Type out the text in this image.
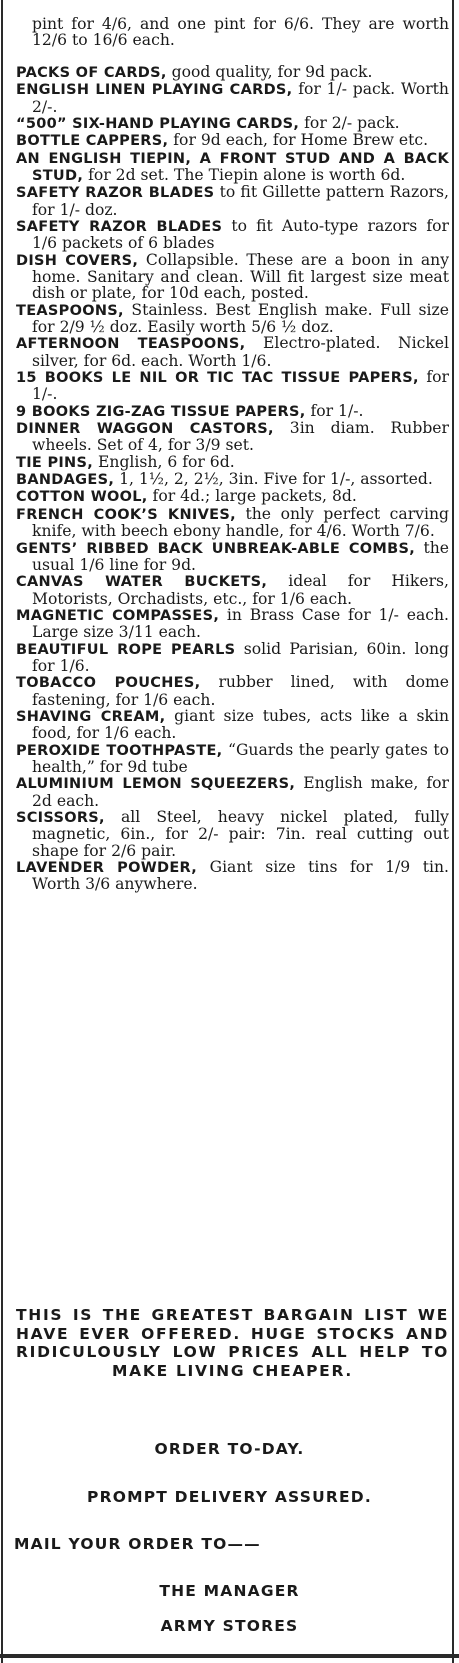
pint for 4/6, and one pint for 6/6. They are worth 12/6 to 16/6 each.

PACKS OF CARDS, good quality, for 9d pack.

ENGLISH LINEN PLAYING CARDS, for 1/- pack. Worth 2/-.

“500” SIX-HAND PLAYING CARDS, for 2/- pack.

BOTTLE CAPPERS, for 9d each, for Home Brew etc.

AN ENGLISH TIEPIN, A FRONT STUD AND A BACK STUD, for 2d set. The Tiepin alone is worth 6d.

SAFETY RAZOR BLADES to fit Gillette pattern Razors, for 1/- doz.

SAFETY RAZOR BLADES to fit Auto-type razors for 1/6 packets of 6 blades

DISH COVERS, Collapsible. These are a boon in any home. Sanitary and clean. Will fit largest size meat dish or plate, for 10d each, posted.

TEASPOONS, Stainless. Best English make. Full size for 2/9 ½ doz. Easily worth 5/6 ½ doz.

AFTERNOON TEASPOONS, Electro-plated. Nickel silver, for 6d. each. Worth 1/6.

15 BOOKS LE NIL OR TIC TAC TISSUE PAPERS, for 1/-.

9 BOOKS ZIG-ZAG TISSUE PAPERS, for 1/-.

DINNER WAGGON CASTORS, 3in diam. Rubber wheels. Set of 4, for 3/9 set.

TIE PINS, English, 6 for 6d.

BANDAGES, 1, 1½, 2, 2½, 3in. Five for 1/-, assorted.

COTTON WOOL, for 4d.; large packets, 8d.

FRENCH COOK’S KNIVES, the only perfect carving knife, with beech ebony handle, for 4/6. Worth 7/6.

GENTS’ RIBBED BACK UNBREAK-ABLE COMBS, the usual 1/6 line for 9d.

CANVAS WATER BUCKETS, ideal for Hikers, Motorists, Orchadists, etc., for 1/6 each.

MAGNETIC COMPASSES, in Brass Case for 1/- each. Large size 3/11 each.

BEAUTIFUL ROPE PEARLS solid Parisian, 60in. long for 1/6.

TOBACCO POUCHES, rubber lined, with dome fastening, for 1/6 each.

SHAVING CREAM, giant size tubes, acts like a skin food, for 1/6 each.

PEROXIDE TOOTHPASTE, “Guards the pearly gates to health,” for 9d tube

ALUMINIUM LEMON SQUEEZERS, English make, for 2d each.

SCISSORS, all Steel, heavy nickel plated, fully magnetic, 6in., for 2/- pair: 7in. real cutting out shape for 2/6 pair.

LAVENDER POWDER, Giant size tins for 1/9 tin. Worth 3/6 anywhere.

THIS IS THE GREATEST BARGAIN LIST WE HAVE EVER OFFERED. HUGE STOCKS AND RIDICULOUSLY LOW PRICES ALL HELP TO MAKE LIVING CHEAPER.
ORDER TO-DAY.
PROMPT DELIVERY ASSURED.
MAIL YOUR ORDER TO——
THE MANAGER
ARMY STORES
